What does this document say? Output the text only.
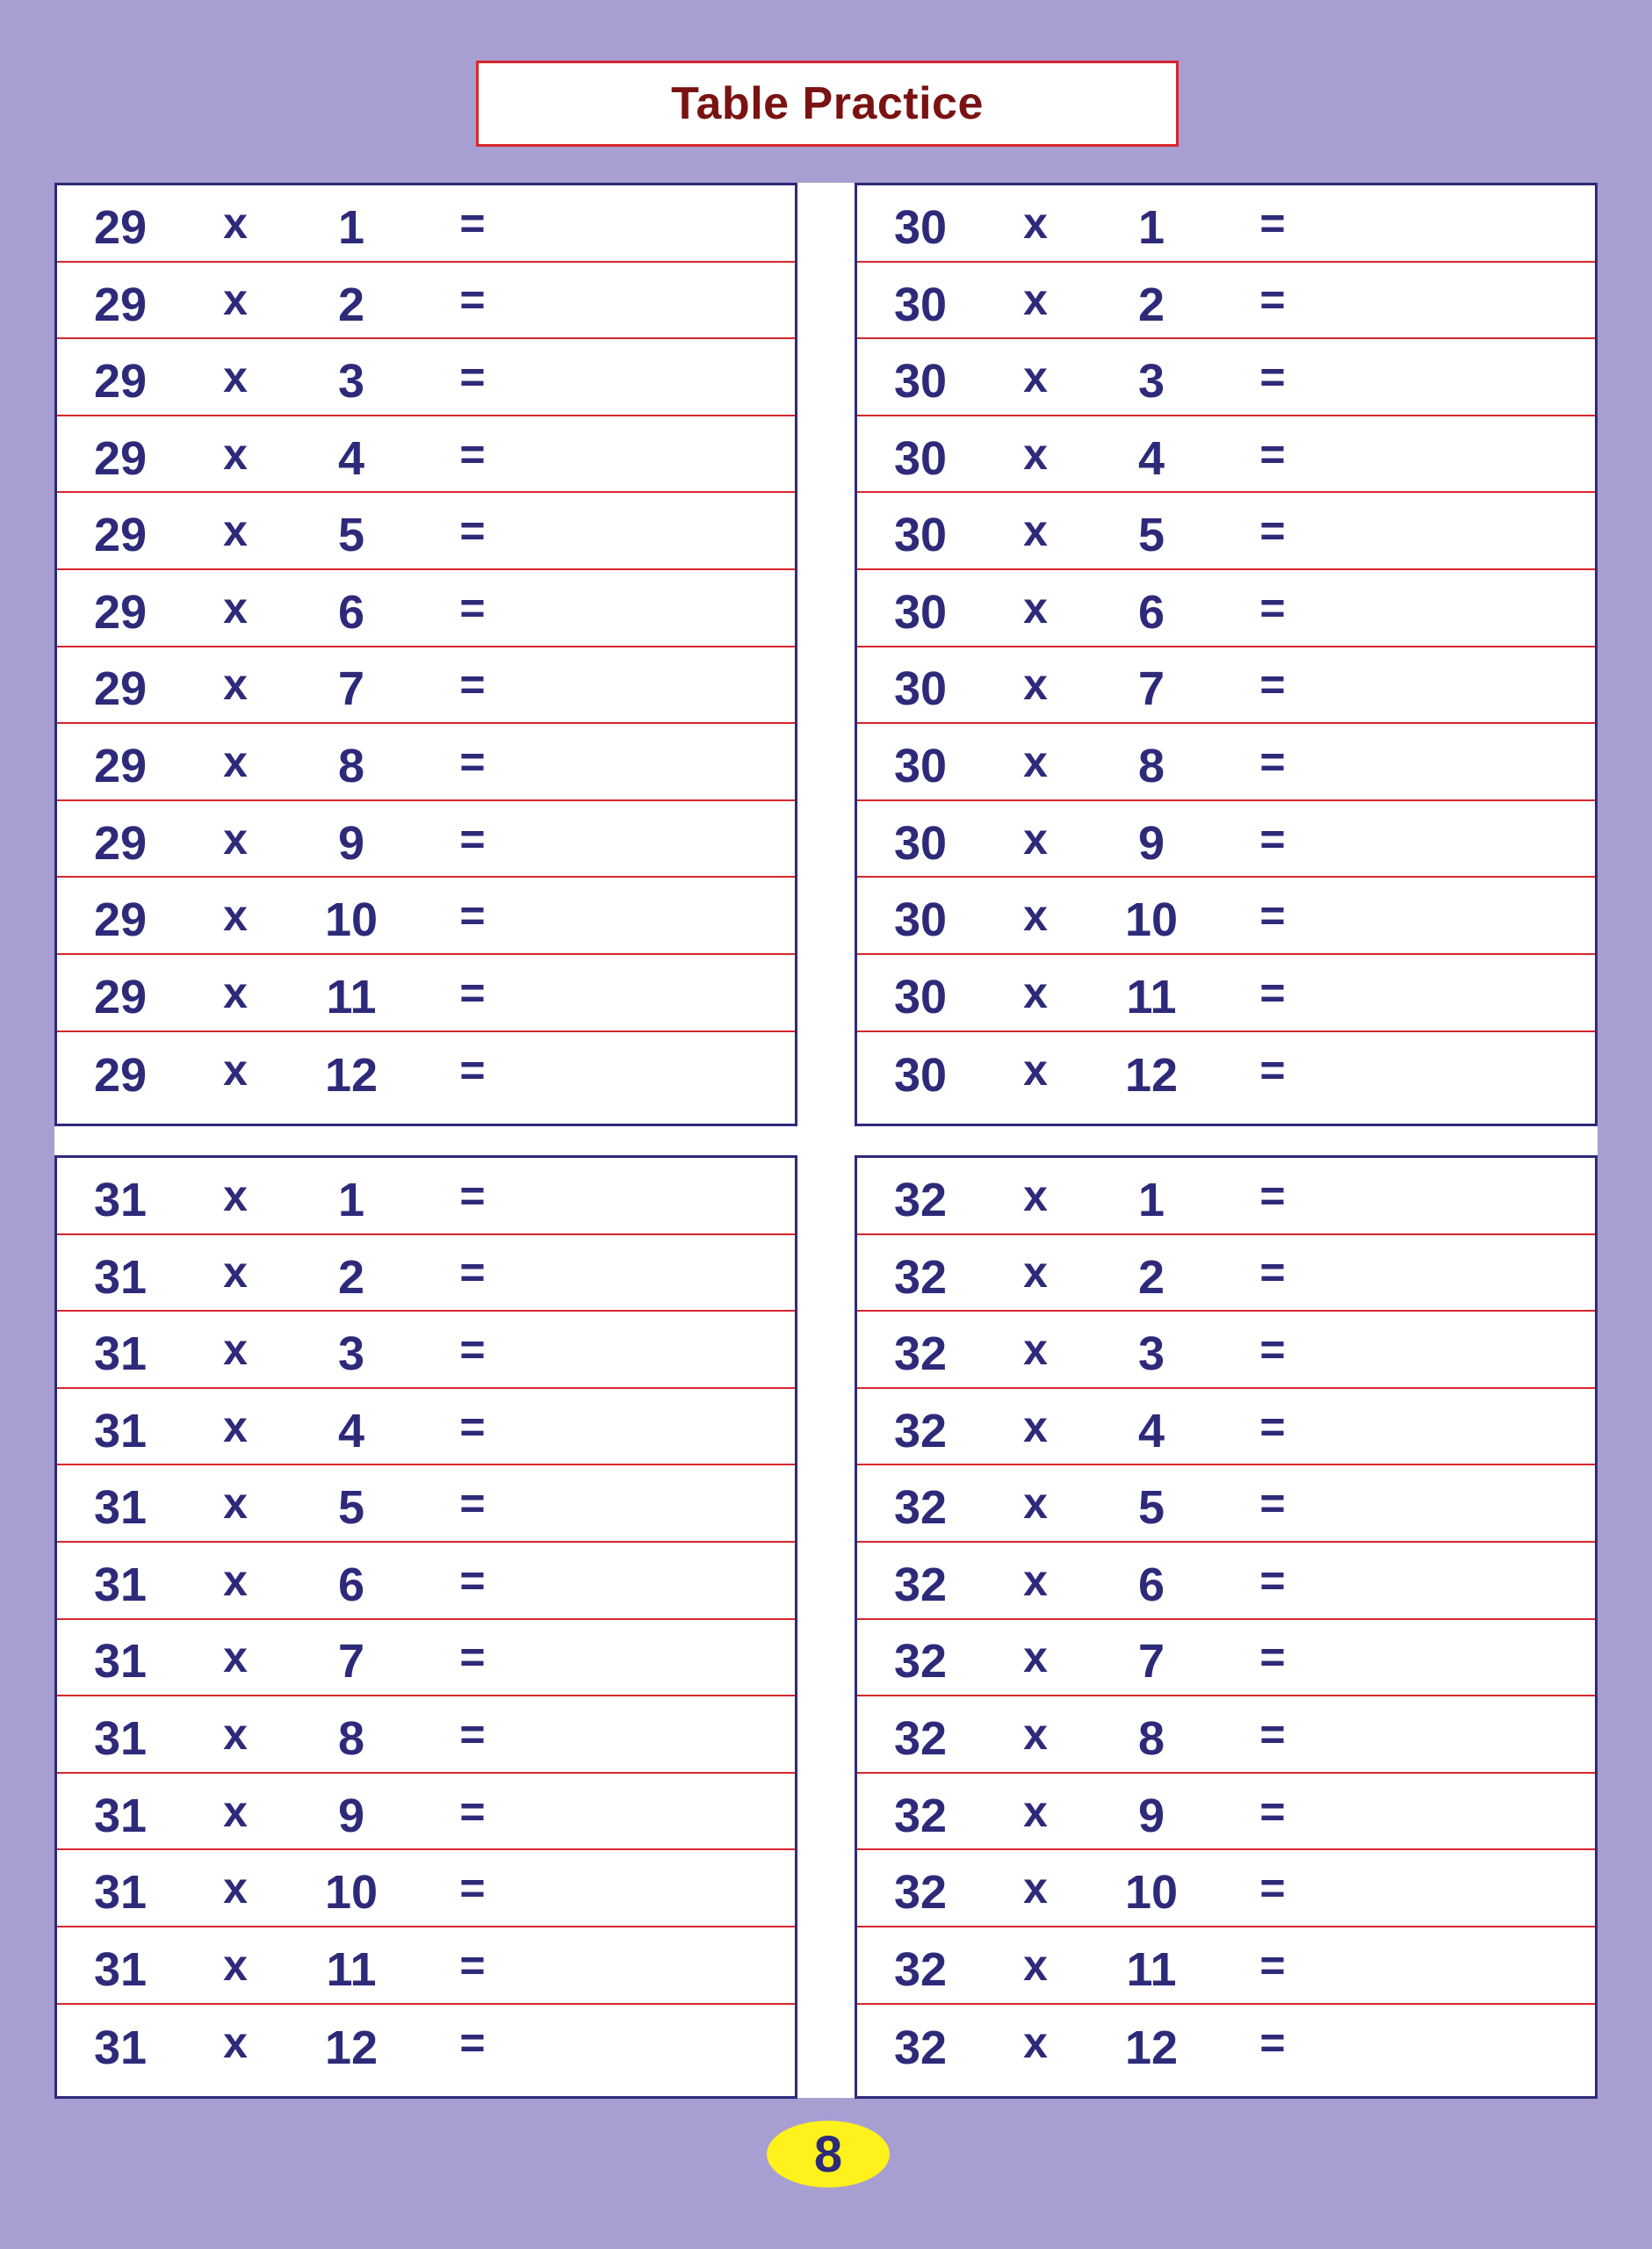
Table Practice
29 x 1 =
29 x 2 =
29 x 3 =
29 x 4 =
29 x 5 =
29 x 6 =
29 x 7 =
29 x 8 =
29 x 9 =
29 x 10 =
29 x 11 =
29 x 12 =
30 x 1 =
30 x 2 =
30 x 3 =
30 x 4 =
30 x 5 =
30 x 6 =
30 x 7 =
30 x 8 =
30 x 9 =
30 x 10 =
30 x 11 =
30 x 12 =
31 x 1 =
31 x 2 =
31 x 3 =
31 x 4 =
31 x 5 =
31 x 6 =
31 x 7 =
31 x 8 =
31 x 9 =
31 x 10 =
31 x 11 =
31 x 12 =
32 x 1 =
32 x 2 =
32 x 3 =
32 x 4 =
32 x 5 =
32 x 6 =
32 x 7 =
32 x 8 =
32 x 9 =
32 x 10 =
32 x 11 =
32 x 12 =
8
